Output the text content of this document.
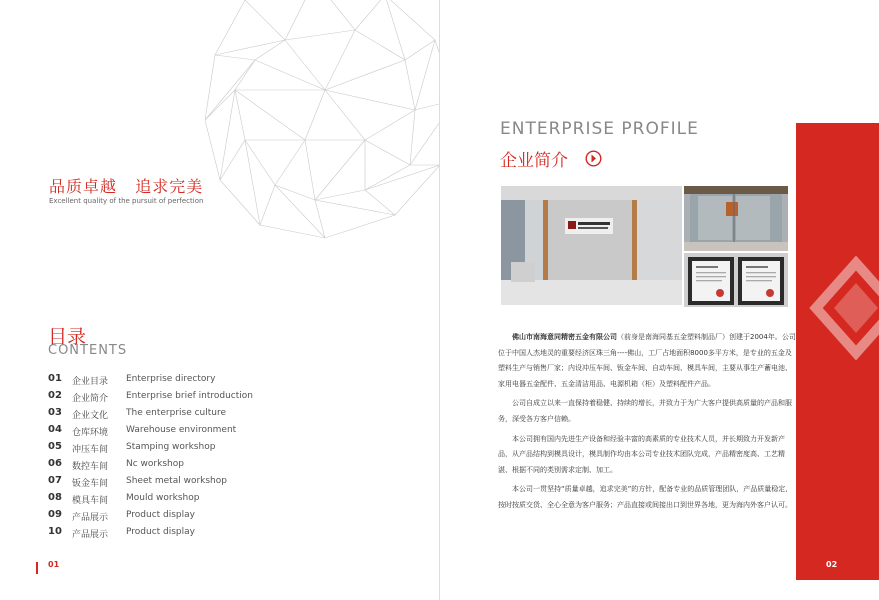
品质卓越   追求完美
Excellent quality of the pursuit of perfection
目录
CONTENTS
01 企业目录 Enterprise directory
02 企业简介 Enterprise brief introduction
03 企业文化 The enterprise culture
04 仓库环境 Warehouse environment
05 冲压车间 Stamping workshop
06 数控车间 Nc workshop
07 钣金车间 Sheet metal workshop
08 模具车间 Mould workshop
09 产品展示 Product display
10 产品展示 Product display
01
ENTERPRISE PROFILE
企业简介

佛山市南海意同精密五金有限公司（前身是南海同基五金塑料制品厂）创建于2004年。公司位于中国人杰地灵的重要经济区珠三角----佛山，工厂占地面积8000多平方米，是专业的五金及塑料生产与销售厂家；内设冲压车间、钣金车间、自动车间、模具车间，主要从事生产蓄电池、家用电器五金配件、五金清洁用品、电源机箱（柜）及塑料配件产品。

公司自成立以来一直保持着稳健、持续的增长，并致力于为广大客户提供高质量的产品和服务，深受各方客户信赖。

本公司拥有国内先进生产设备和经验丰富的高素质的专业技术人员，并长期致力开发新产品，从产品结构到模具设计，模具制作均由本公司专业技术团队完成，产品精密度高、工艺精湛、根据不同的类别需求定制、加工。

本公司一贯坚持“质量卓越，追求完美”的方针，配备专业的品质管理团队，产品质量稳定，按时按质交货、全心全意为客户服务；产品直接或间接出口到世界各地，更为海内外客户认可。

02
